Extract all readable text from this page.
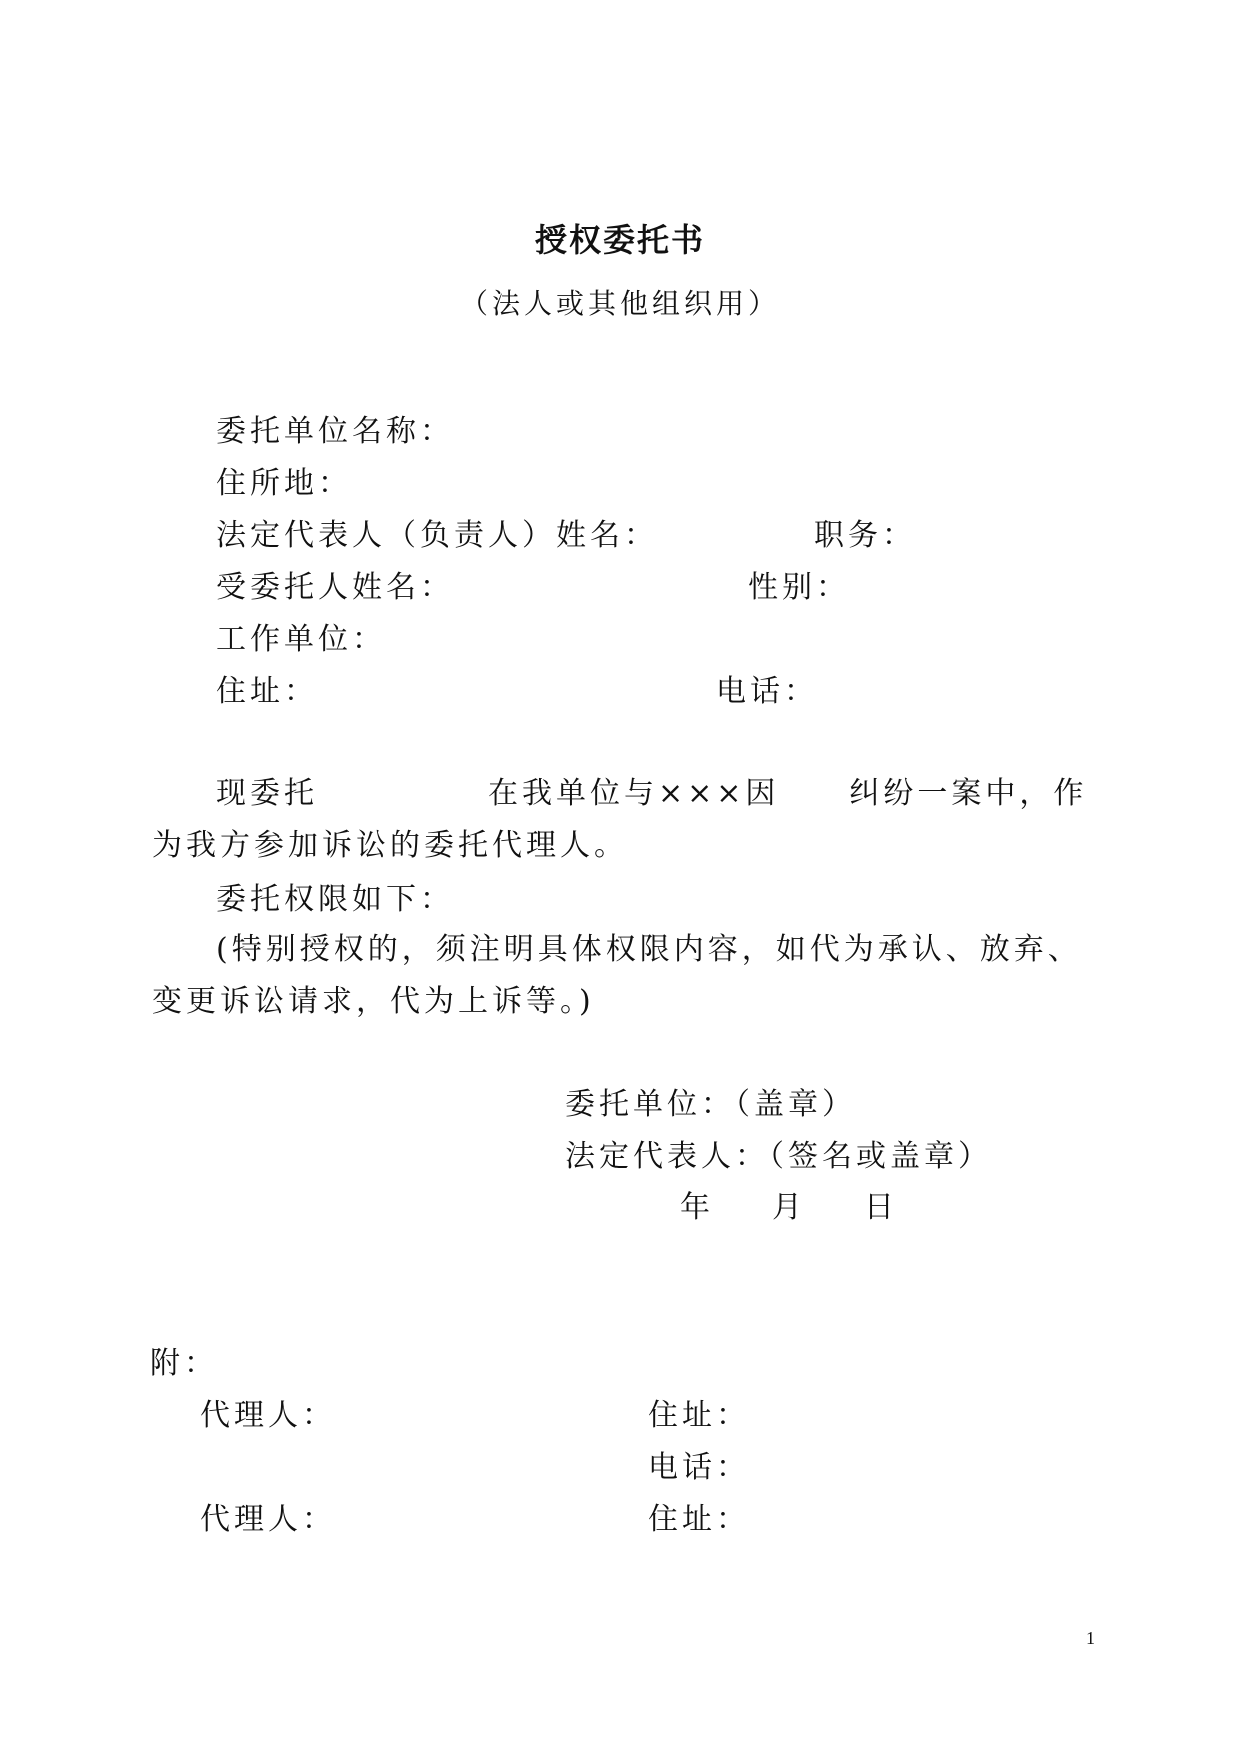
授权委托书
（法人或其他组织用）
委托单位名称：
住所地：
法定代表人（负责人）姓名：	职务：
受委托人姓名：	性别：
工作单位：
住址：	电话：
现委托	在我单位与×××因 纠纷一案中，作为我方参加诉讼的委托代理人。
委托权限如下：
(特别授权的，须注明具体权限内容，如代为承认、放弃、变更诉讼请求，代为上诉等。)
委托单位：（盖章）
法定代表人：（签名或盖章）
年 月 日
附：
代理人：	住址：
电话：
代理人：	住址：
1
